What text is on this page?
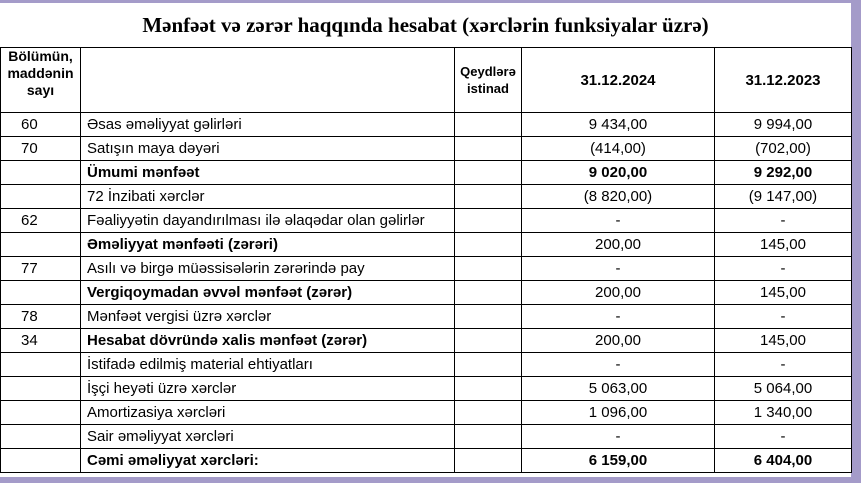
Mənfəət və zərər haqqında hesabat (xərclərin funksiyalar üzrə)
Bölümün, maddənin sayı		Qeydlərə istinad	31.12.2024	31.12.2023
60	Əsas əməliyyat gəlirləri		9 434,00	9 994,00
70	Satışın maya dəyəri		(414,00)	(702,00)
	Ümumi mənfəət		9 020,00	9 292,00
	72 İnzibati xərclər		(8 820,00)	(9 147,00)
62	Fəaliyyətin dayandırılması ilə əlaqədar olan gəlirlər		-	-
	Əməliyyat mənfəəti (zərəri)		200,00	145,00
77	Asılı və birgə müəssisələrin zərərində pay		-	-
	Vergiqoymadan əvvəl mənfəət (zərər)		200,00	145,00
78	Mənfəət vergisi üzrə xərclər		-	-
34	Hesabat dövründə xalis mənfəət (zərər)		200,00	145,00
	İstifadə edilmiş material ehtiyatları		-	-
	İşçi heyəti üzrə xərclər		5 063,00	5 064,00
	Amortizasiya xərcləri		1 096,00	1 340,00
	Sair əməliyyat xərcləri		-	-
	Cəmi əməliyyat xərcləri:		6 159,00	6 404,00
